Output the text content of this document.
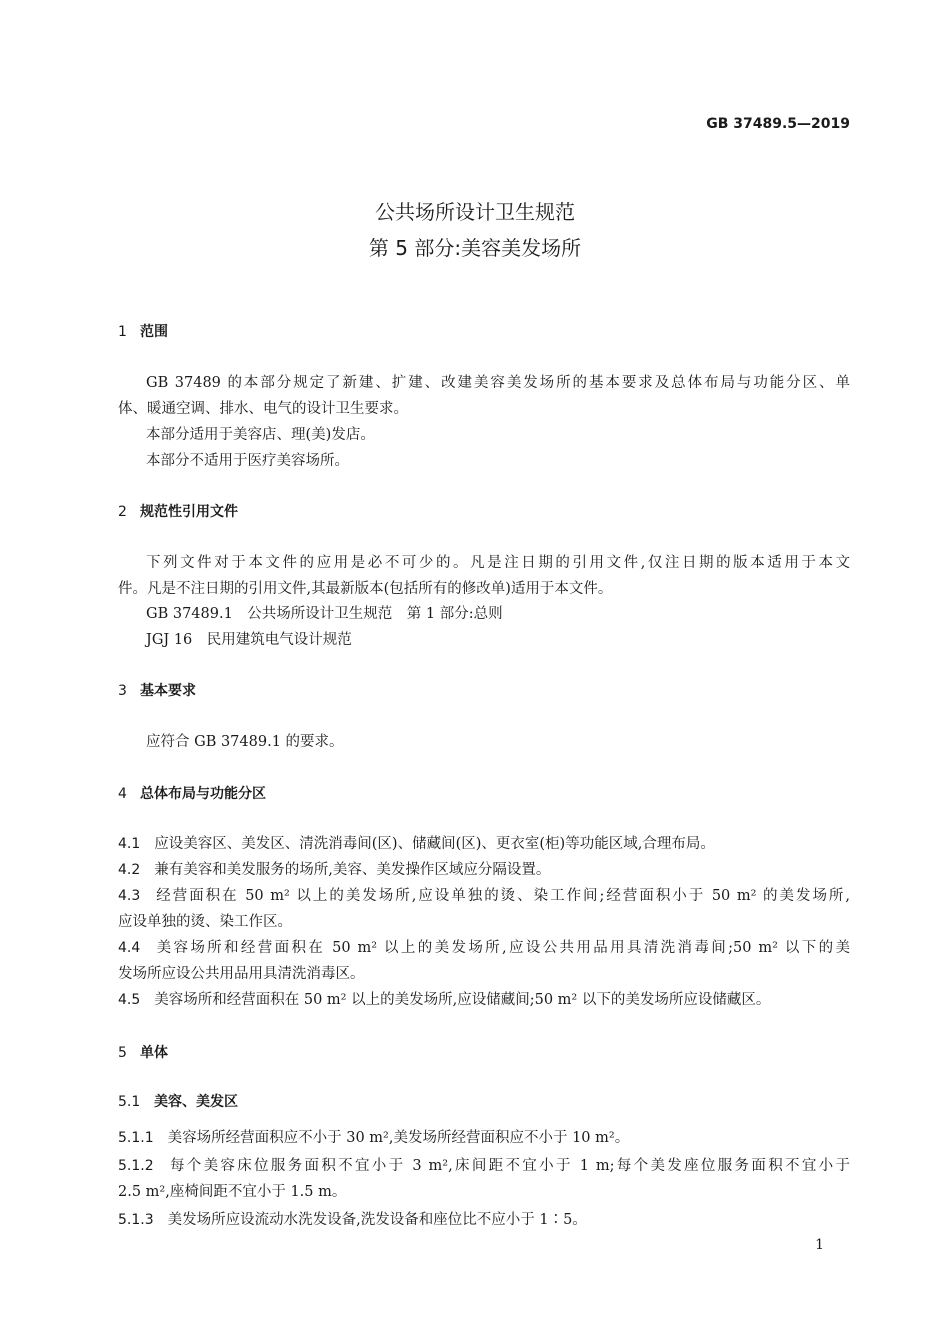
GB 37489.5—2019
公共场所设计卫生规范
第 5 部分:美容美发场所
1 范围
GB 37489 的本部分规定了新建、扩建、改建美容美发场所的基本要求及总体布局与功能分区、单
体、暖通空调、排水、电气的设计卫生要求。
本部分适用于美容店、理(美)发店。
本部分不适用于医疗美容场所。
2 规范性引用文件
下列文件对于本文件的应用是必不可少的。凡是注日期的引用文件,仅注日期的版本适用于本文
件。凡是不注日期的引用文件,其最新版本(包括所有的修改单)适用于本文件。
GB 37489.1　公共场所设计卫生规范　第 1 部分:总则
JGJ 16　民用建筑电气设计规范
3 基本要求
应符合 GB 37489.1 的要求。
4 总体布局与功能分区
4.1 应设美容区、美发区、清洗消毒间(区)、储藏间(区)、更衣室(柜)等功能区域,合理布局。
4.2 兼有美容和美发服务的场所,美容、美发操作区域应分隔设置。
4.3 经营面积在 50 m² 以上的美发场所,应设单独的烫、染工作间;经营面积小于 50 m² 的美发场所,
应设单独的烫、染工作区。
4.4 美容场所和经营面积在 50 m² 以上的美发场所,应设公共用品用具清洗消毒间;50 m² 以下的美
发场所应设公共用品用具清洗消毒区。
4.5 美容场所和经营面积在 50 m² 以上的美发场所,应设储藏间;50 m² 以下的美发场所应设储藏区。
5 单体
5.1 美容、美发区
5.1.1 美容场所经营面积应不小于 30 m²,美发场所经营面积应不小于 10 m²。
5.1.2 每个美容床位服务面积不宜小于 3 m²,床间距不宜小于 1 m;每个美发座位服务面积不宜小于
2.5 m²,座椅间距不宜小于 1.5 m。
5.1.3 美发场所应设流动水洗发设备,洗发设备和座位比不应小于 1∶5。
1
